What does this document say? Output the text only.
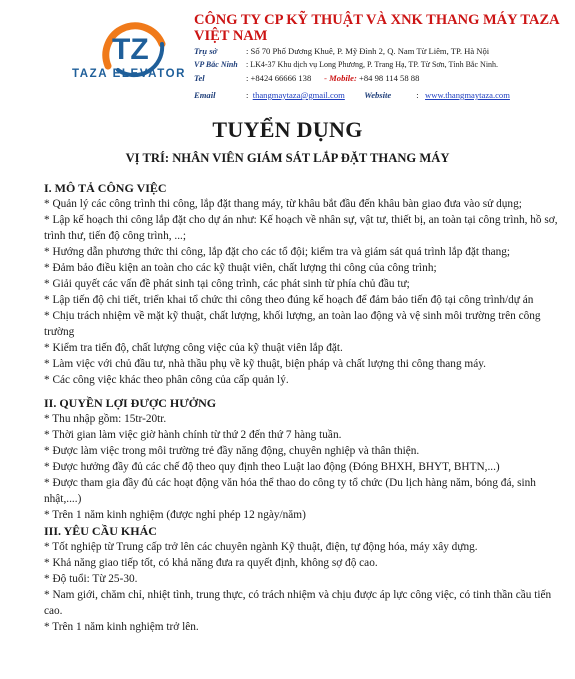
TZ
TAZA ELEVATOR
CÔNG TY CP KỸ THUẬT VÀ XNK THANG MÁY TAZA
VIỆT NAM
Trụ sở	: Số 70 Phố Dương Khuê, P. Mỹ Đình 2, Q. Nam Từ Liêm, TP. Hà Nội
VP Bắc Ninh : LK4-37 Khu dịch vụ Long Phương, P. Trang Hạ, TP. Từ Sơn, Tỉnh Bắc Ninh.
Tel	: +8424 66666 138 - Mobile: +84 98 114 58 88
Email	: thangmaytaza@gmail.com Website	: www.thangmaytaza.com
TUYỂN DỤNG
VỊ TRÍ: NHÂN VIÊN GIÁM SÁT LẮP ĐẶT THANG MÁY
I. MÔ TẢ CÔNG VIỆC
* Quản lý các công trình thi công, lắp đặt thang máy, từ khâu bắt đầu đến khâu bàn giao đưa vào sử dụng;
* Lập kế hoạch thi công lắp đặt cho dự án như: Kế hoạch về nhân sự, vật tư, thiết bị, an toàn tại công trình, hồ sơ, trình thư, tiến độ công trình, ...;
* Hướng dẫn phương thức thi công, lắp đặt cho các tổ đội; kiểm tra và giám sát quá trình lắp đặt thang;
* Đảm bảo điều kiện an toàn cho các kỹ thuật viên, chất lượng thi công của công trình;
* Giải quyết các vấn đề phát sinh tại công trình, các phát sinh từ phía chủ đầu tư;
* Lập tiến độ chi tiết, triển khai tổ chức thi công theo đúng kế hoạch để đảm bảo tiến độ tại công trình/dự án
* Chịu trách nhiệm về mặt kỹ thuật, chất lượng, khối lượng, an toàn lao động và vệ sinh môi trường trên công trường
* Kiểm tra tiến độ, chất lượng công việc của kỹ thuật viên lắp đặt.
* Làm việc với chủ đầu tư, nhà thầu phụ về kỹ thuật, biện pháp và chất lượng thi công thang máy.
* Các công việc khác theo phân công của cấp quản lý.
II. QUYỀN LỢI ĐƯỢC HƯỞNG
* Thu nhập gồm: 15tr-20tr.
* Thời gian làm việc giờ hành chính từ thứ 2 đến thứ 7 hàng tuần.
* Được làm việc trong môi trường trẻ đầy năng động, chuyên nghiệp và thân thiện.
* Được hưởng đầy đủ các chế độ theo quy định theo Luật lao động (Đóng BHXH, BHYT, BHTN,...)
* Được tham gia đầy đủ các hoạt động văn hóa thể thao do công ty tổ chức (Du lịch hàng năm, bóng đá, sinh nhật,....)
* Trên 1 năm kinh nghiệm (được nghỉ phép 12 ngày/năm)
III. YÊU CẦU KHÁC
* Tốt nghiệp từ Trung cấp trở lên các chuyên ngành Kỹ thuật, điện, tự động hóa, máy xây dựng.
* Khả năng giao tiếp tốt, có khả năng đưa ra quyết định, không sợ độ cao.
* Độ tuổi: Từ 25-30.
* Nam giới, chăm chỉ, nhiệt tình, trung thực, có trách nhiệm và chịu được áp lực công việc, có tinh thần cầu tiến cao.
* Trên 1 năm kinh nghiệm trở lên.
